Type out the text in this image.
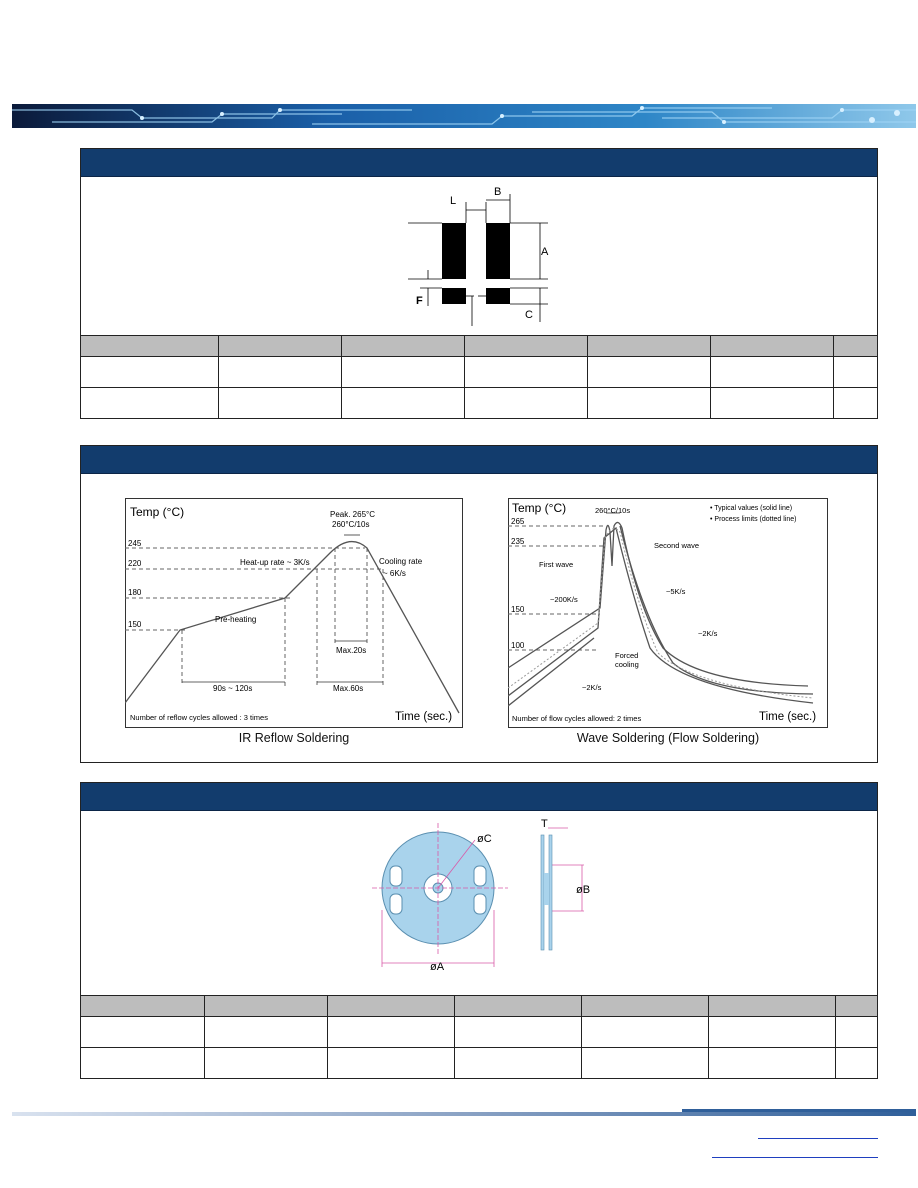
L
B
A
F
C

Temp (°C)
245
220
180
150
Peak. 265°C
260°C/10s
Heat-up rate ~ 3K/s	Cooling rate
~ 6K/s
Pre-heating
90s ~ 120s
Max.20s
Max.60s
Number of reflow cycles allowed : 3 times	Time (sec.)
IR Reflow Soldering
Temp (°C)
265
235
150
100
260°C/10s	• Typical values (solid line)
• Process limits (dotted line)
Second wave
First wave
~200K/s
~5K/s
~2K/s
Forced
cooling
~2K/s
Number of flow cycles allowed: 2 times	Time (sec.)
Wave Soldering (Flow Soldering)
T
øC
øB
øA
